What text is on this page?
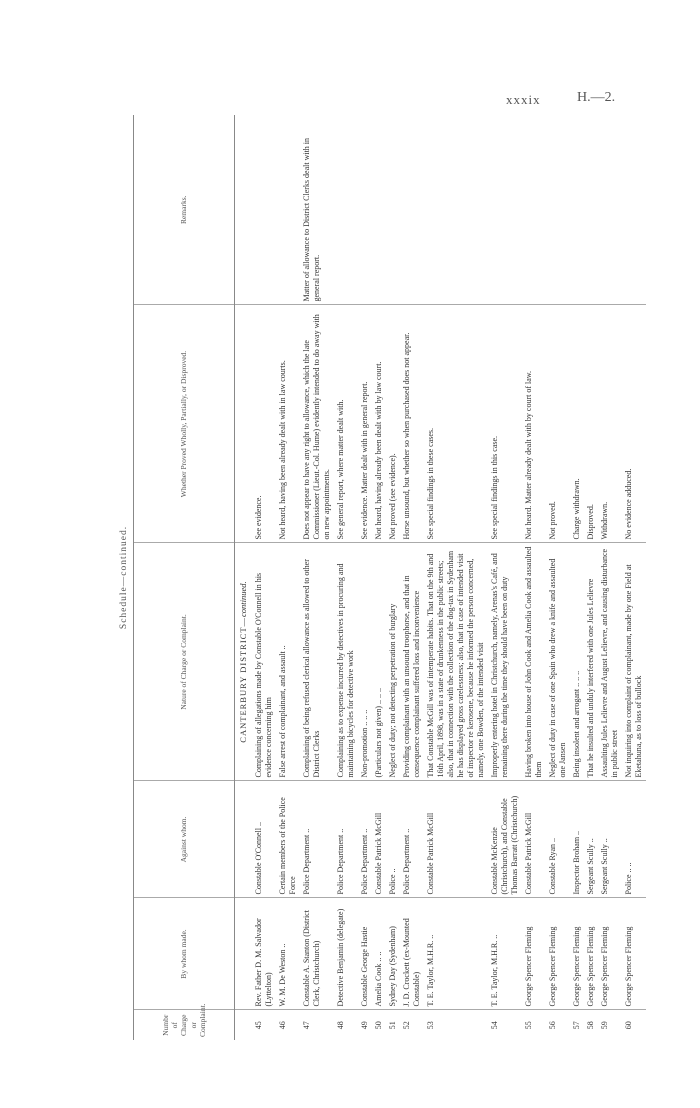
xxxix	H.—2.
Schedule—continued.
Numbr of Charge or Complaint.	By whom made.	Against whom.	Nature of Charge or Complaint.	Whether Proved Wholly, Partially, or Disproved.	Remarks.
			CANTERBURY DISTRICT—continued.		
45	Rev. Father D. M. Salvador (Lyttelton)	Constable O'Connell ..	Complaining of allegations made by Constable O'Connell in his evidence concerning him	See evidence.	
46	W. M. De Weston ..	Certain members of the Police Force	False arrest of complainant, and assault ..	Not heard, having been already dealt with in law courts.	
47	Constable A. Stanton (District Clerk, Christchurch)	Police Department ..	Complaining of being refused clerical allowance as allowed to other District Clerks	Does not appear to have any right to allowance, which the late Commissioner (Lieut.-Col. Hume) evidently intended to do away with on new appointments.	Matter of allowance to District Clerks dealt with in general report.
48	Detective Benjamin (delegate)	Police Department ..	Complaining as to expense incurred by detectives in procuring and maintaining bicycles for detective work	See general report, where matter dealt with.	
49	Constable George Hastie	Police Department ..	Non-promotion .. .. ..	See evidence. Matter dealt with in general report.	
50	Amelia Cook .. ..	Constable Patrick McGill	(Particulars not given) .. .. ..	Not heard, having already been dealt with by law court.	
51	Sydney Day (Sydenham)	Police ..	Neglect of duty; not detecting perpetration of burglary	Not proved (see evidence).	
52	J. D. Crockett (ex-Mounted Constable)	Police Department ..	Providing complainant with an unsound troophorse, and that in consequence complainant suffered loss and inconvenience	Horse unsound, but whether so when purchased does not appear.	
53	T. E. Taylor, M.H.R. ..	Constable Patrick McGill	That Constable McGill was of intemperate habits. That on the 9th and 16th April, 1898, was in a state of drunkenness in the public streets; also, that in connection with the collection of the dog-tax in Sydenham he has displayed gross carelessness; also, that in case of intended visit of inspector re kerosene, because he informed the person concerned, namely, one Bowden, of the intended visit	See special findings in these cases.	
54	T. E. Taylor, M.H.R. ..	Constable McKenzie (Christchurch), and Constable Thomas Barratt (Christchurch)	Improperly entering hotel in Christchurch, namely, Arenas's Café, and remaining there during the time they should have been on duty	See special findings in this case.	
55	George Spencer Fleming	Constable Patrick McGill	Having broken into house of John Cook and Amelia Cook and assaulted them	Not heard. Matter already dealt with by court of law.	
56	George Spencer Fleming	Constable Ryan ..	Neglect of duty in case of one Spain who drew a knife and assaulted one Jansen	Not proved.	
57	George Spencer Fleming	Inspector Broham ..	Being insolent and arrogant .. .. ..	Charge withdrawn.	
58	George Spencer Fleming	Sergeant Scully ..	That he insulted and unduly interfered with one Jules Lelievre	Disproved.	
59	George Spencer Fleming	Sergeant Scully ..	Assaulting Jules Lelievre and August Lelievre, and causing disturbance in public street	Withdrawn.	
60	George Spencer Fleming	Police .. ..	Not inquiring into complaint of complainant, made by one Field at Eketahuna, as to loss of bullock	No evidence adduced.	
